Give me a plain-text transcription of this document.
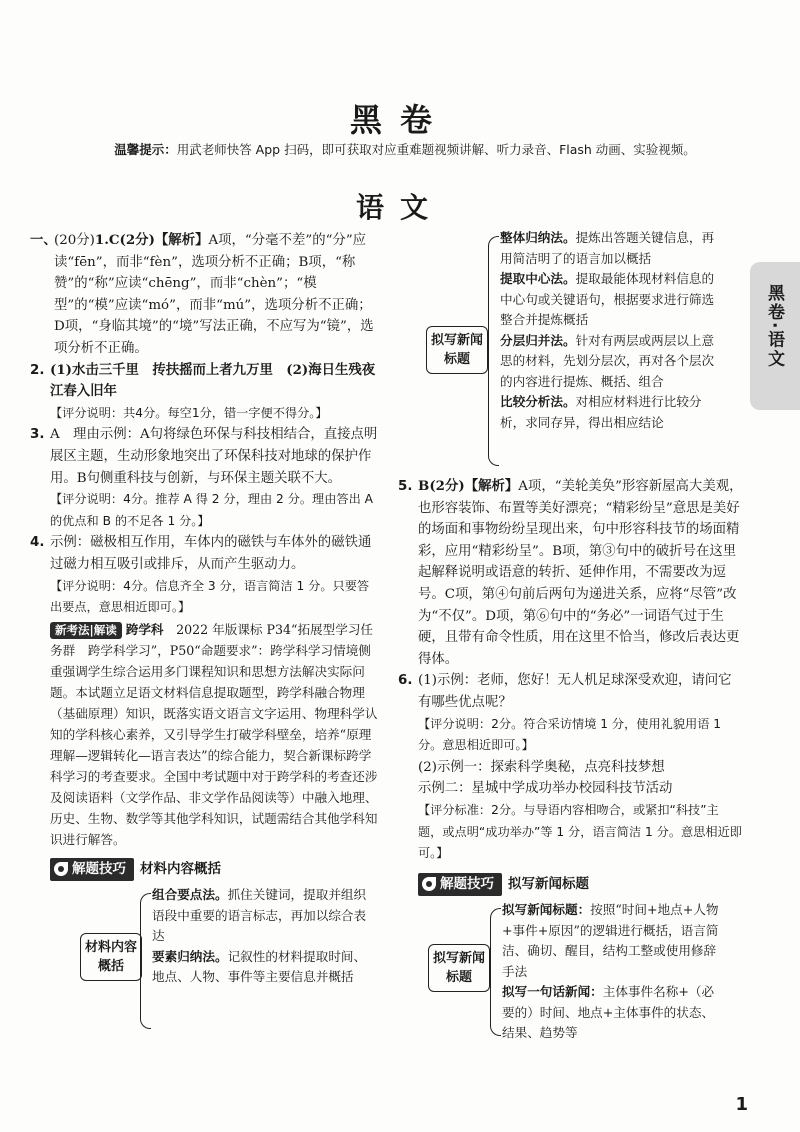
黑卷
温馨提示：用武老师快答 App 扫码，即可获取对应重难题视频讲解、听力录音、Flash 动画、实验视频。
语文
黑卷·语文
一、

(20分)1.C(2分)【解析】A项，“分毫不差”的“分”应读“fēn”，而非“fèn”，选项分析不正确；B项，“称赞”的“称”应读“chēng”，而非“chèn”；“模型”的“模”应读“mó”，而非“mú”，选项分析不正确；D项，“身临其境”的“境”写法正确，不应写为“镜”，选项分析不正确。

2. (1)水击三千里　抟扶摇而上者九万里　(2)海日生残夜　江春入旧年

【评分说明：共4分。每空1分，错一字便不得分。】

3. A　理由示例：A句将绿色环保与科技相结合，直接点明展区主题，生动形象地突出了环保科技对地球的保护作用。B句侧重科技与创新，与环保主题关联不大。

【评分说明：4分。推荐 A 得 2 分，理由 2 分。理由答出 A 的优点和 B 的不足各 1 分。】

4. 示例：磁极相互作用，车体内的磁铁与车体外的磁铁通过磁力相互吸引或排斥，从而产生驱动力。

【评分说明：4分。信息齐全 3 分，语言简洁 1 分。只要答出要点，意思相近即可。】

新考法|解读 跨学科　 2022 年版课标 P34“拓展型学习任务群　跨学科学习”，P50“命题要求”：跨学科学习情境侧重强调学生综合运用多门课程知识和思想方法解决实际问题。本试题立足语文材料信息提取题型，跨学科融合物理（基础原理）知识，既落实语文语言文字运用、物理科学认知的学科核心素养，又引导学生打破学科壁垒，培养“原理理解—逻辑转化—语言表达”的综合能力，契合新课标跨学科学习的考查要求。全国中考试题中对于跨学科的考查还涉及阅读语料（文学作品、非文学作品阅读等）中融入地理、历史、生物、数学等其他学科知识，试题需结合其他学科知识进行解答。

解题技巧 材料内容概括
材料内容概括

组合要点法。抓住关键词，提取并组织语段中重要的语言标志，再加以综合表达

要素归纳法。记叙性的材料提取时间、地点、人物、事件等主要信息并概括

拟写新闻标题

整体归纳法。提炼出答题关键信息，再用简洁明了的语言加以概括

提取中心法。提取最能体现材料信息的中心句或关键语句，根据要求进行筛选整合并提炼概括

分层归并法。针对有两层或两层以上意思的材料，先划分层次，再对各个层次的内容进行提炼、概括、组合

比较分析法。对相应材料进行比较分析，求同存异，得出相应结论

5. B(2分)【解析】A项，“美轮美奂”形容新屋高大美观，也形容装饰、布置等美好漂亮；“精彩纷呈”意思是美好的场面和事物纷纷呈现出来，句中形容科技节的场面精彩，应用“精彩纷呈”。B项，第③句中的破折号在这里起解释说明或语意的转折、延伸作用，不需要改为逗号。C项，第④句前后两句为递进关系，应将“尽管”改为“不仅”。D项，第⑥句中的“务必”一词语气过于生硬，且带有命令性质，用在这里不恰当，修改后表达更得体。

6. (1)示例：老师，您好！无人机足球深受欢迎，请问它有哪些优点呢？

【评分说明：2分。符合采访情境 1 分，使用礼貌用语 1 分。意思相近即可。】

(2)示例一：探索科学奥秘，点亮科技梦想

示例二：星城中学成功举办校园科技节活动

【评分标准：2分。与导语内容相吻合，或紧扣“科技”主题，或点明“成功举办”等 1 分，语言简洁 1 分。意思相近即可。】

解题技巧 拟写新闻标题
拟写新闻标题

拟写新闻标题：按照“时间+地点+人物+事件+原因”的逻辑进行概括，语言简洁、确切、醒目，结构工整或使用修辞手法

拟写一句话新闻：主体事件名称+（必要的）时间、地点+主体事件的状态、结果、趋势等

1
